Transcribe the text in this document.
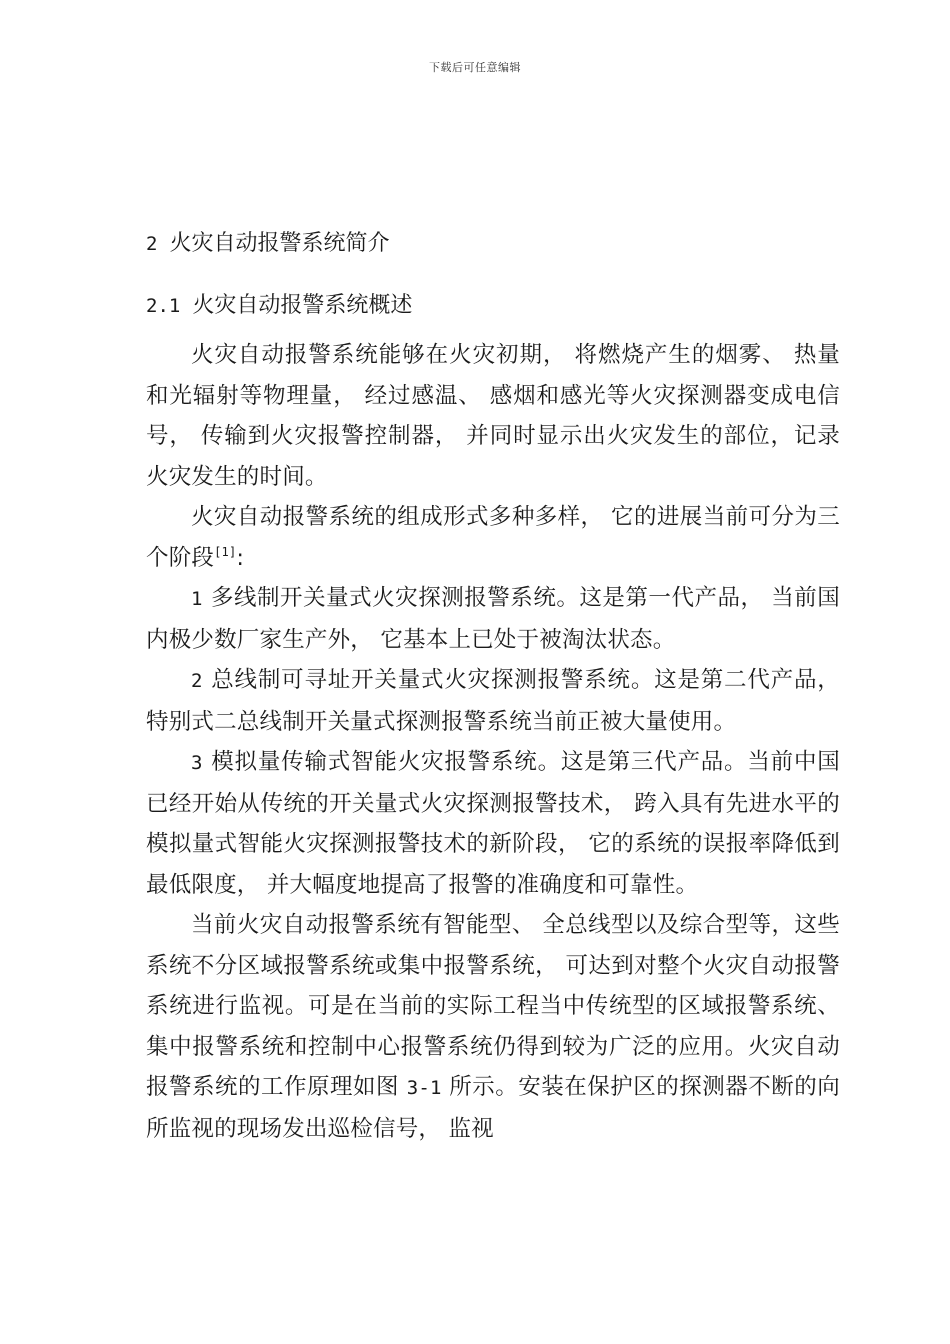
下载后可任意编辑
2 火灾自动报警系统简介
2.1 火灾自动报警系统概述

火灾自动报警系统能够在火灾初期， 将燃烧产生的烟雾、 热量和光辐射等物理量， 经过感温、 感烟和感光等火灾探测器变成电信号， 传输到火灾报警控制器， 并同时显示出火灾发生的部位，记录火灾发生的时间。

火灾自动报警系统的组成形式多种多样， 它的进展当前可分为三个阶段[1]:

1 多线制开关量式火灾探测报警系统。这是第一代产品， 当前国内极少数厂家生产外， 它基本上已处于被淘汰状态。

2 总线制可寻址开关量式火灾探测报警系统。这是第二代产品， 特别式二总线制开关量式探测报警系统当前正被大量使用。

3 模拟量传输式智能火灾报警系统。这是第三代产品。当前中国已经开始从传统的开关量式火灾探测报警技术， 跨入具有先进水平的模拟量式智能火灾探测报警技术的新阶段， 它的系统的误报率降低到最低限度， 并大幅度地提高了报警的准确度和可靠性。

当前火灾自动报警系统有智能型、 全总线型以及综合型等，这些系统不分区域报警系统或集中报警系统， 可达到对整个火灾自动报警系统进行监视。可是在当前的实际工程当中传统型的区域报警系统、 集中报警系统和控制中心报警系统仍得到较为广泛的应用。火灾自动报警系统的工作原理如图 3-1 所示。安装在保护区的探测器不断的向所监视的现场发出巡检信号， 监视
